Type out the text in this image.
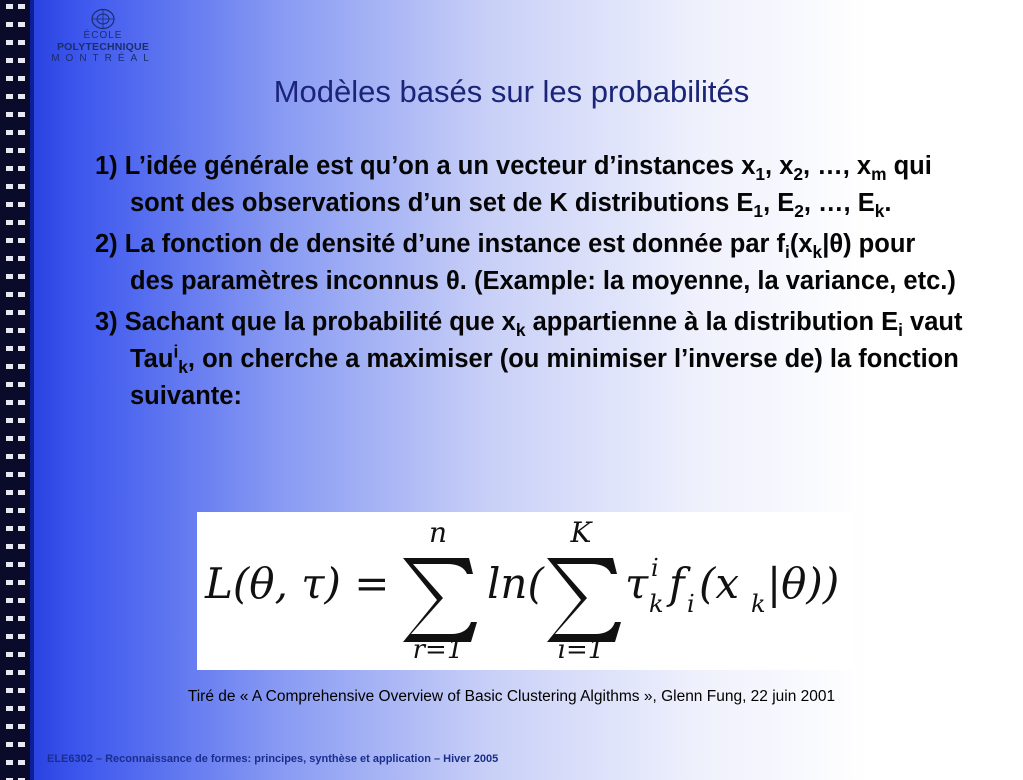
ÉCOLE
POLYTECHNIQUE
MONTRÉAL
Modèles basés sur les probabilités
1) L’idée générale est qu’on a un vecteur d’instances $x_1$, $x_2$, …, $x_m$ qui sont des observations d’un set de K distributions $E_1$, $E_2$, …, $E_k$.
2) La fonction de densité d’une instance est donnée par $f_i(x_k|\theta)$ pour des paramètres inconnus θ. (Example: la moyenne, la variance, etc.)
3) Sachant que la probabilité que $x_k$ appartienne à la distribution $E_i$ vaut Tau$^i_k$, on cherche a maximiser (ou minimiser l’inverse de) la fonction suivante:
L(θ, τ) =
n
r=1
ln(
K
i=1
τ i
k f i (x k |θ))
Tiré de « A Comprehensive Overview of Basic Clustering Algithms », Glenn Fung, 22 juin 2001
ELE6302 – Reconnaissance de formes: principes, synthèse et application – Hiver 2005
